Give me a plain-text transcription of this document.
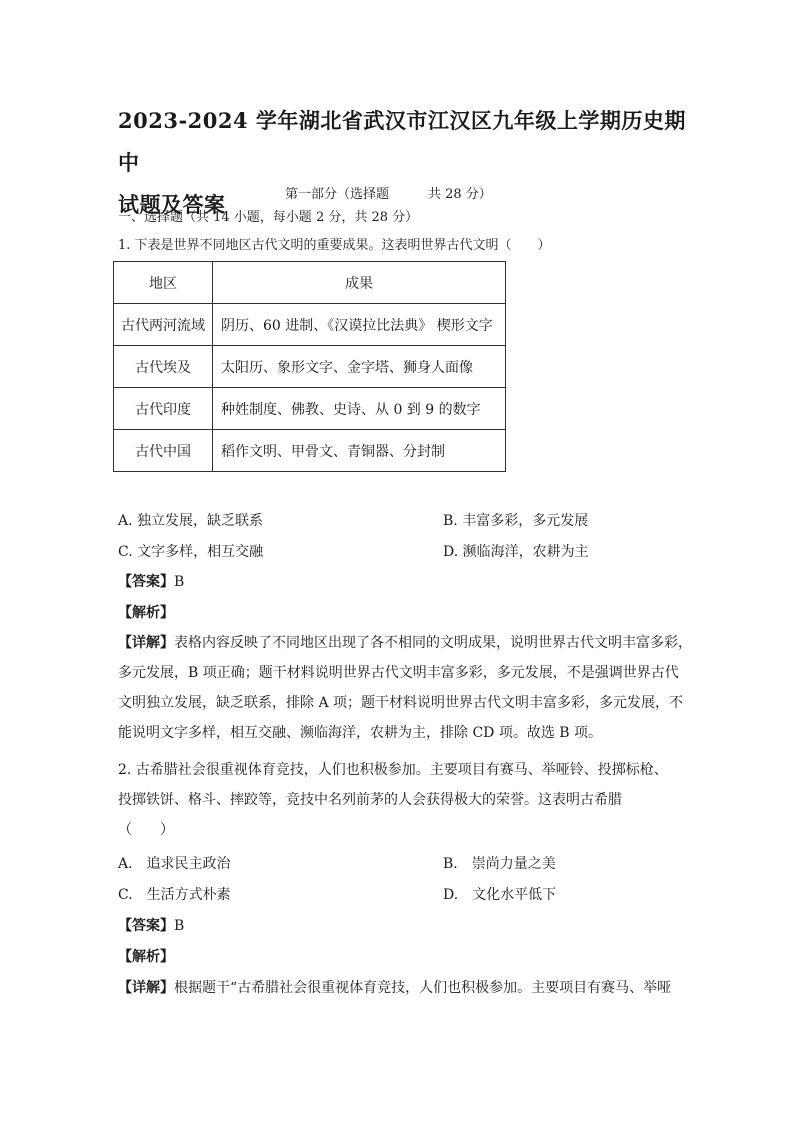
2023-2024 学年湖北省武汉市江汉区九年级上学期历史期中
试题及答案	第一部分（选择题　　　共 28 分）
一、选择题（共 14 小题，每小题 2 分，共 28 分）
1. 下表是世界不同地区古代文明的重要成果。这表明世界古代文明（　　）
地区	成果
古代两河流域	阴历、60 进制、《汉谟拉比法典》 楔形文字
古代埃及	太阳历、象形文字、金字塔、狮身人面像
古代印度	种姓制度、佛教、史诗、从 0 到 9 的数字
古代中国	稻作文明、甲骨文、青铜器、分封制
A. 独立发展，缺乏联系	B. 丰富多彩，多元发展
C. 文字多样，相互交融	D. 濒临海洋，农耕为主
【答案】B
【解析】
【详解】表格内容反映了不同地区出现了各不相同的文明成果，说明世界古代文明丰富多彩，
多元发展，B 项正确；题干材料说明世界古代文明丰富多彩，多元发展，不是强调世界古代
文明独立发展，缺乏联系，排除 A 项；题干材料说明世界古代文明丰富多彩，多元发展，不
能说明文字多样，相互交融、濒临海洋，农耕为主，排除 CD 项。故选 B 项。
2. 古希腊社会很重视体育竞技，人们也积极参加。主要项目有赛马、举哑铃、投掷标枪、
投掷铁饼、格斗、摔跤等，竞技中名列前茅的人会获得极大的荣誉。这表明古希腊
（　　）
A.　追求民主政治	B.　崇尚力量之美
C.　生活方式朴素	D.　文化水平低下
【答案】B
【解析】
【详解】根据题干“古希腊社会很重视体育竞技，人们也积极参加。主要项目有赛马、举哑
